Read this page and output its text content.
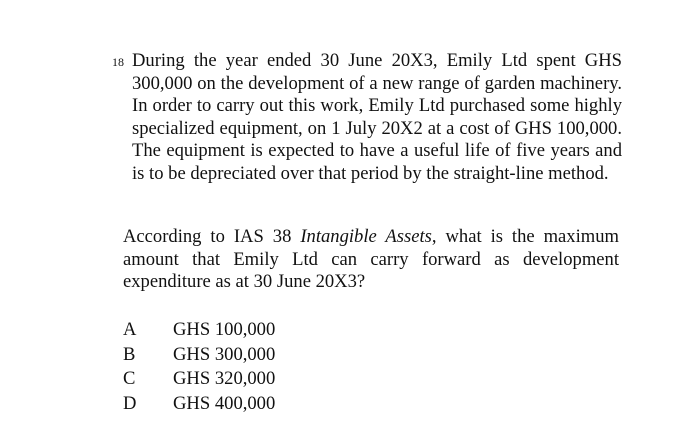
18 During the year ended 30 June 20X3, Emily Ltd spent GHS 300,000 on the development of a new range of garden machinery. In order to carry out this work, Emily Ltd purchased some highly specialized equipment, on 1 July 20X2 at a cost of GHS 100,000. The equipment is expected to have a useful life of five years and is to be depreciated over that period by the straight-line method.
According to IAS 38 Intangible Assets, what is the maximum amount that Emily Ltd can carry forward as development expenditure as at 30 June 20X3?
A	GHS 100,000
B	GHS 300,000
C	GHS 320,000
D	GHS 400,000
